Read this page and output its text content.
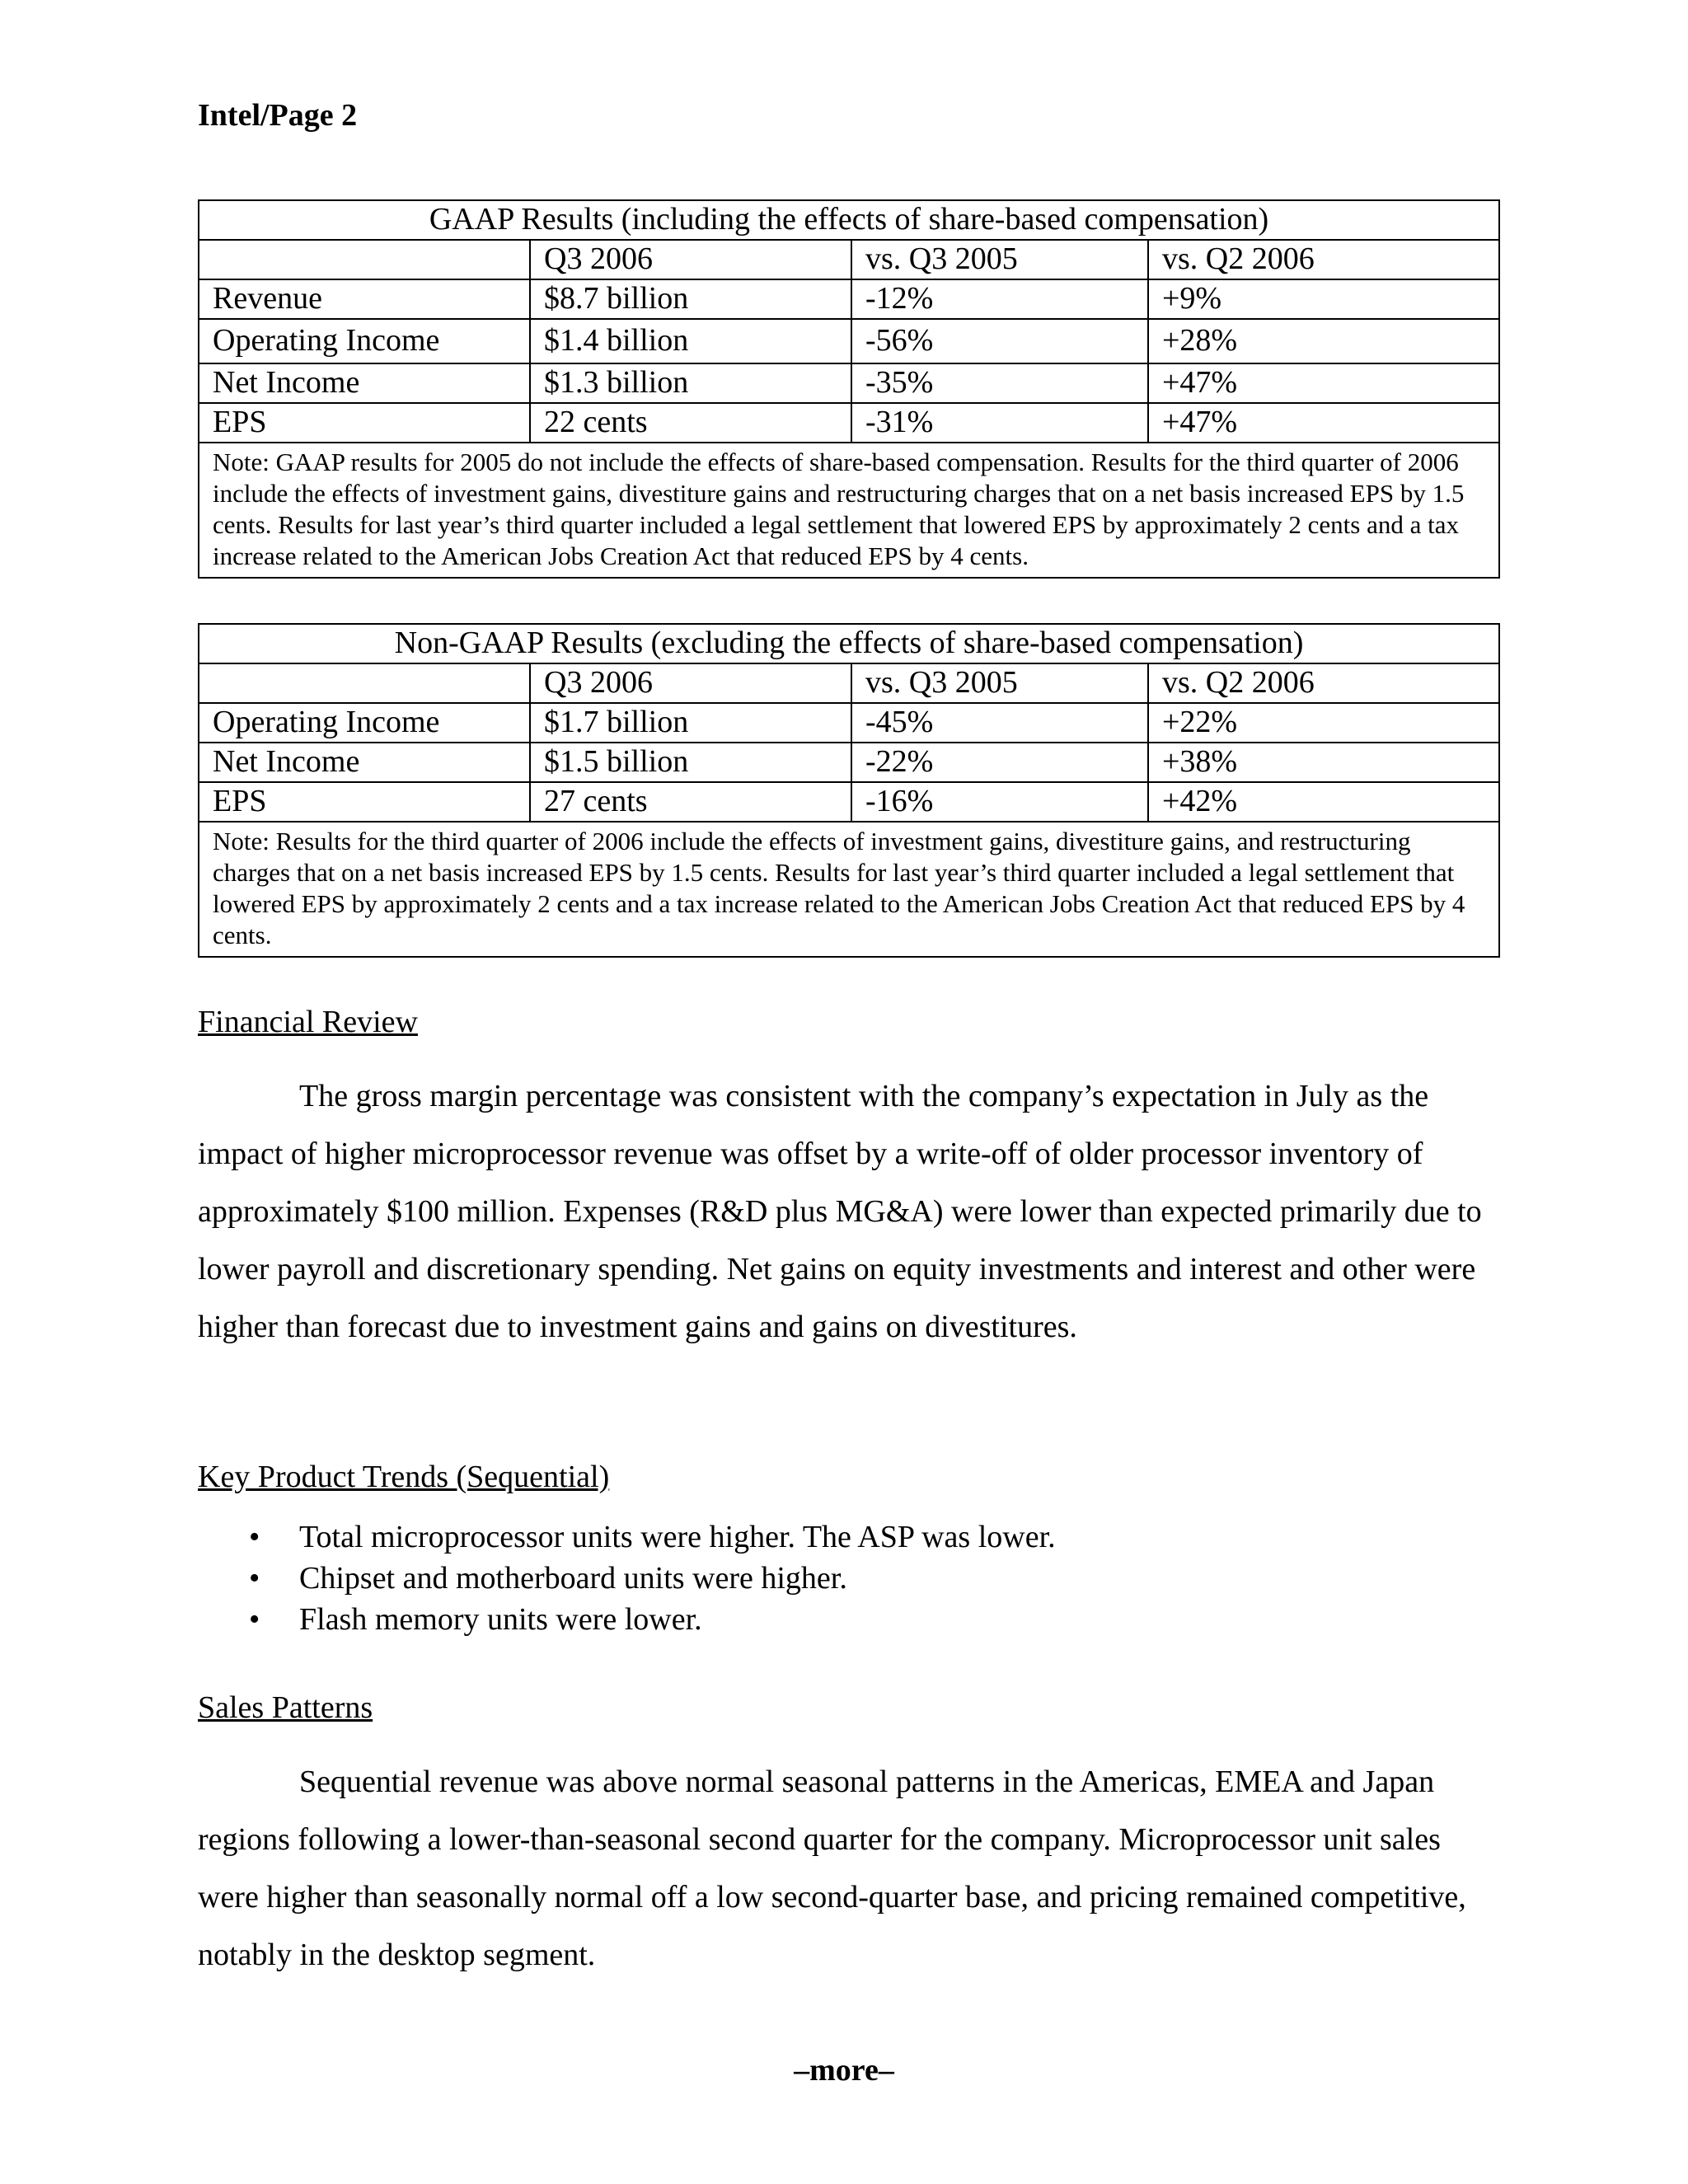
Intel/Page 2
GAAP Results (including the effects of share-based compensation)			
	Q3 2006	vs. Q3 2005	vs. Q2 2006
Revenue	$8.7 billion	-12%	+9%
Operating Income	$1.4 billion	-56%	+28%
Net Income	$1.3 billion	-35%	+47%
EPS	22 cents	-31%	+47%
Note: GAAP results for 2005 do not include the effects of share-based compensation. Results for the third quarter of 2006 include the effects of investment gains, divestiture gains and restructuring charges that on a net basis increased EPS by 1.5 cents. Results for last year’s third quarter included a legal settlement that lowered EPS by approximately 2 cents and a tax increase related to the American Jobs Creation Act that reduced EPS by 4 cents.			
Non-GAAP Results (excluding the effects of share-based compensation)			
	Q3 2006	vs. Q3 2005	vs. Q2 2006
Operating Income	$1.7 billion	-45%	+22%
Net Income	$1.5 billion	-22%	+38%
EPS	27 cents	-16%	+42%
Note: Results for the third quarter of 2006 include the effects of investment gains, divestiture gains, and restructuring charges that on a net basis increased EPS by 1.5 cents. Results for last year’s third quarter included a legal settlement that lowered EPS by approximately 2 cents and a tax increase related to the American Jobs Creation Act that reduced EPS by 4 cents.			
Financial Review

The gross margin percentage was consistent with the company’s expectation in July as the impact of higher microprocessor revenue was offset by a write-off of older processor inventory of approximately $100 million. Expenses (R&D plus MG&A) were lower than expected primarily due to lower payroll and discretionary spending. Net gains on equity investments and interest and other were higher than forecast due to investment gains and gains on divestitures.

Key Product Trends (Sequential)
• Total microprocessor units were higher. The ASP was lower.
• Chipset and motherboard units were higher.
• Flash memory units were lower.
Sales Patterns

Sequential revenue was above normal seasonal patterns in the Americas, EMEA and Japan regions following a lower-than-seasonal second quarter for the company. Microprocessor unit sales were higher than seasonally normal off a low second-quarter base, and pricing remained competitive, notably in the desktop segment.

–more–
